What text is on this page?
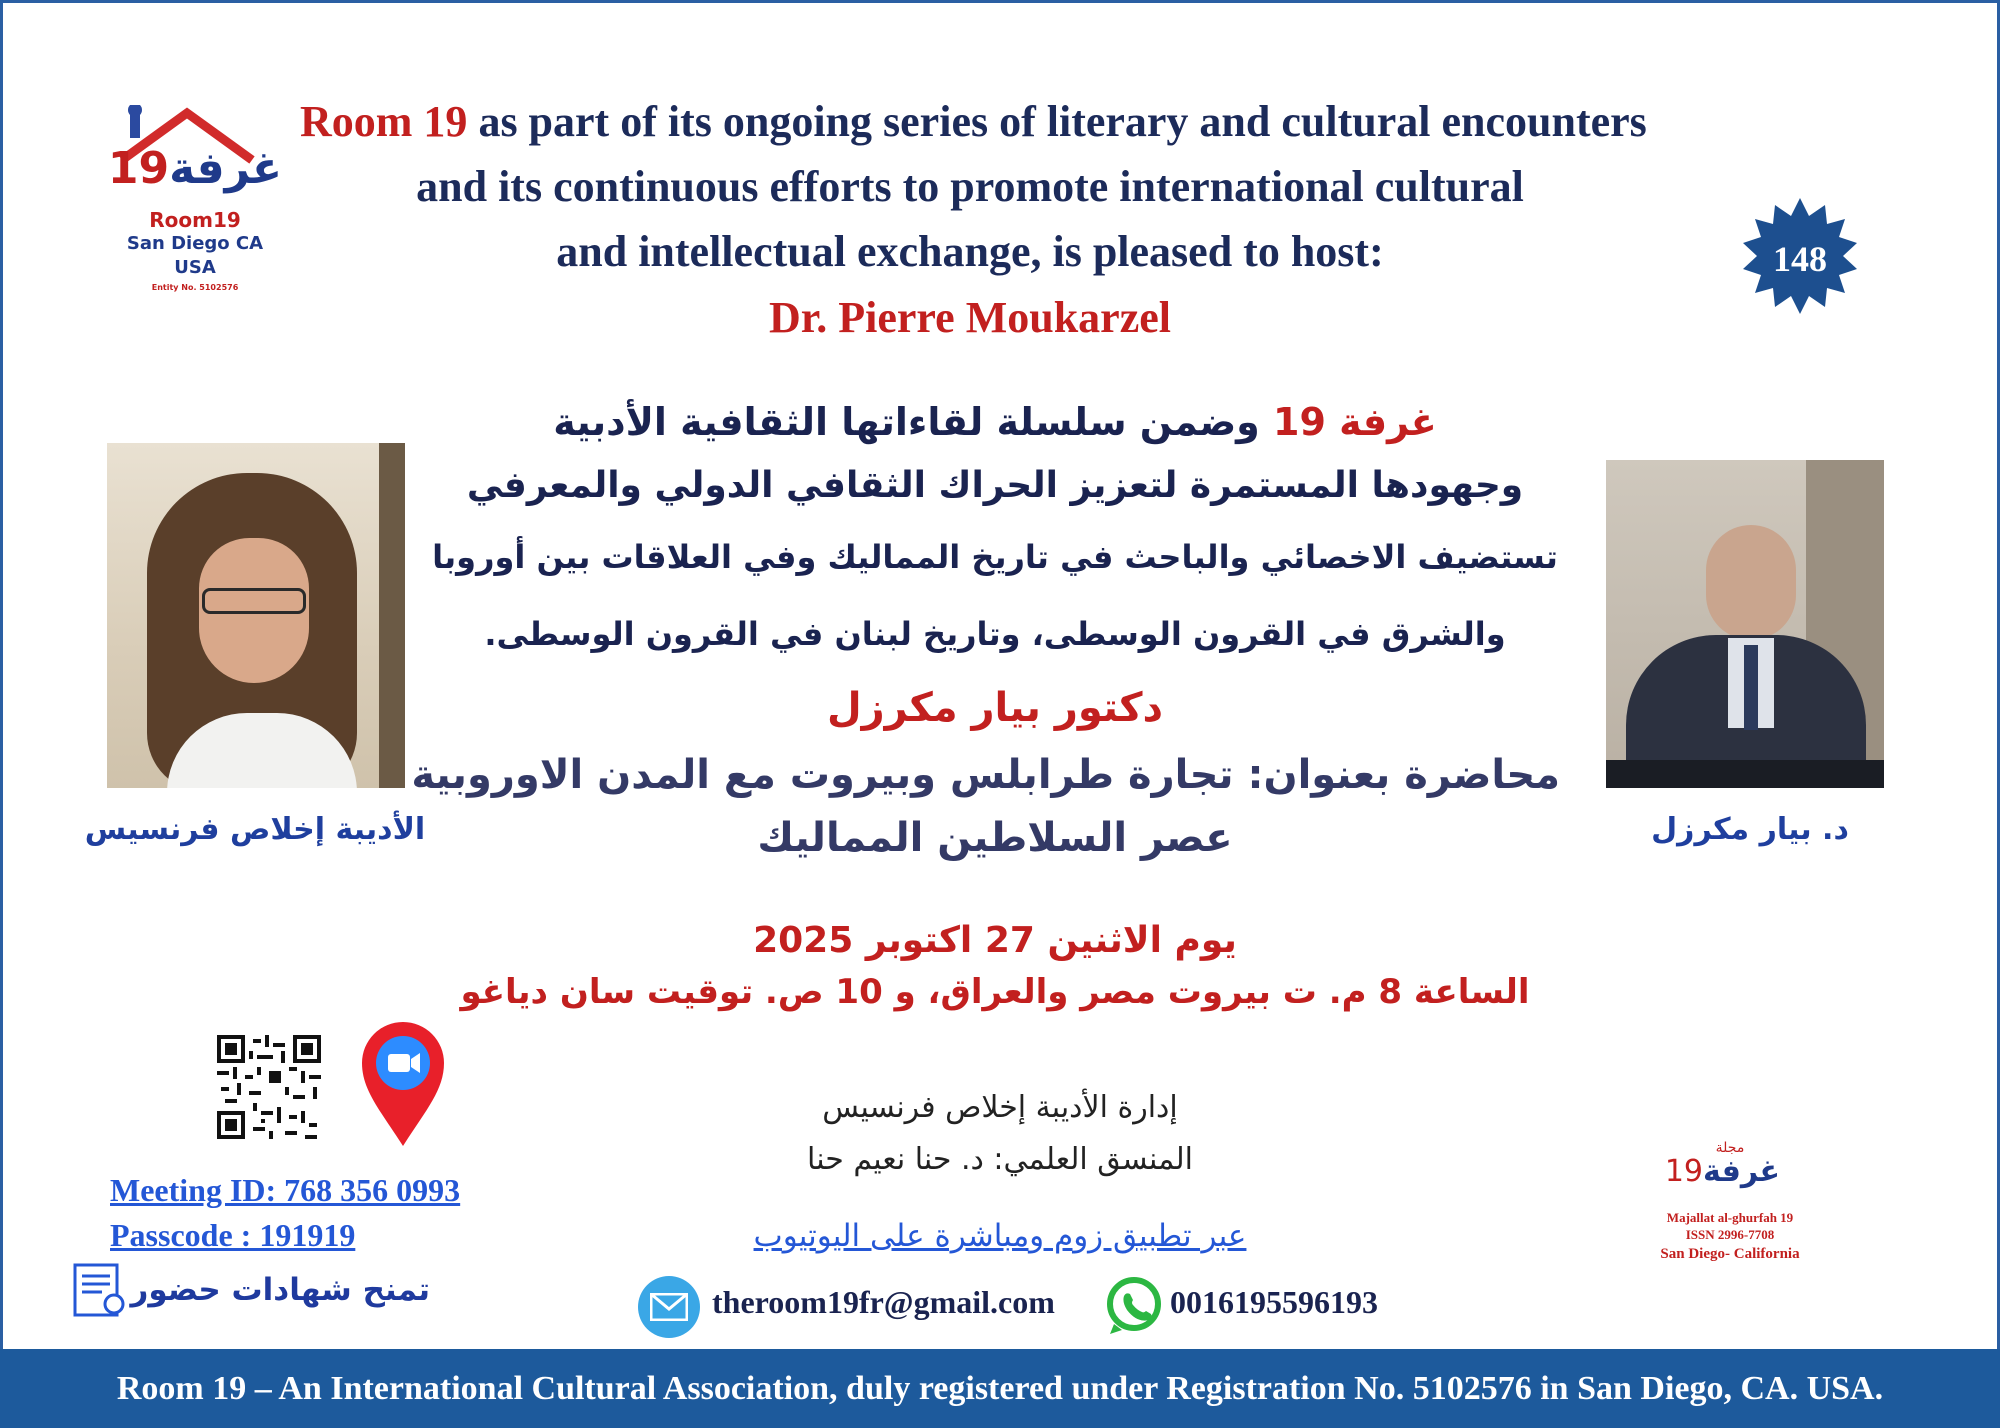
غرفة19
Room19
San Diego CA
USA
Entity No. 5102576
148
Room 19 as part of its ongoing series of literary and cultural encounters
and its continuous efforts to promote international cultural
and intellectual exchange, is pleased to host:
Dr. Pierre Moukarzel
غرفة 19 وضمن سلسلة لقاءاتها الثقافية الأدبية
وجهودها المستمرة لتعزيز الحراك الثقافي الدولي والمعرفي
تستضيف الاخصائي والباحث في تاريخ المماليك وفي العلاقات بين أوروبا
والشرق في القرون الوسطى، وتاريخ لبنان في القرون الوسطى.
دكتور بيار مكرزل
محاضرة بعنوان: تجارة طرابلس وبيروت مع المدن الاوروبية
عصر السلاطين المماليك
يوم الاثنين 27 اكتوبر 2025
الساعة 8 م. ت بيروت مصر والعراق، و 10 ص. توقيت سان دياغو
إدارة الأديبة إخلاص فرنسيس
المنسق العلمي: د. حنا نعيم حنا
عبر تطبيق زوم ومباشرة على اليوتيوب
theroom19fr@gmail.com	0016195596193
الأديبة إخلاص فرنسيس	د. بيار مكرزل
Meeting ID: 768 356 0993
Passcode : 191919
تمنح شهادات حضور
مجلة
غرفة19
Majallat al-ghurfah 19
ISSN 2996-7708
San Diego- California
Room 19 – An International Cultural Association, duly registered under Registration No. 5102576 in San Diego, CA. USA.
